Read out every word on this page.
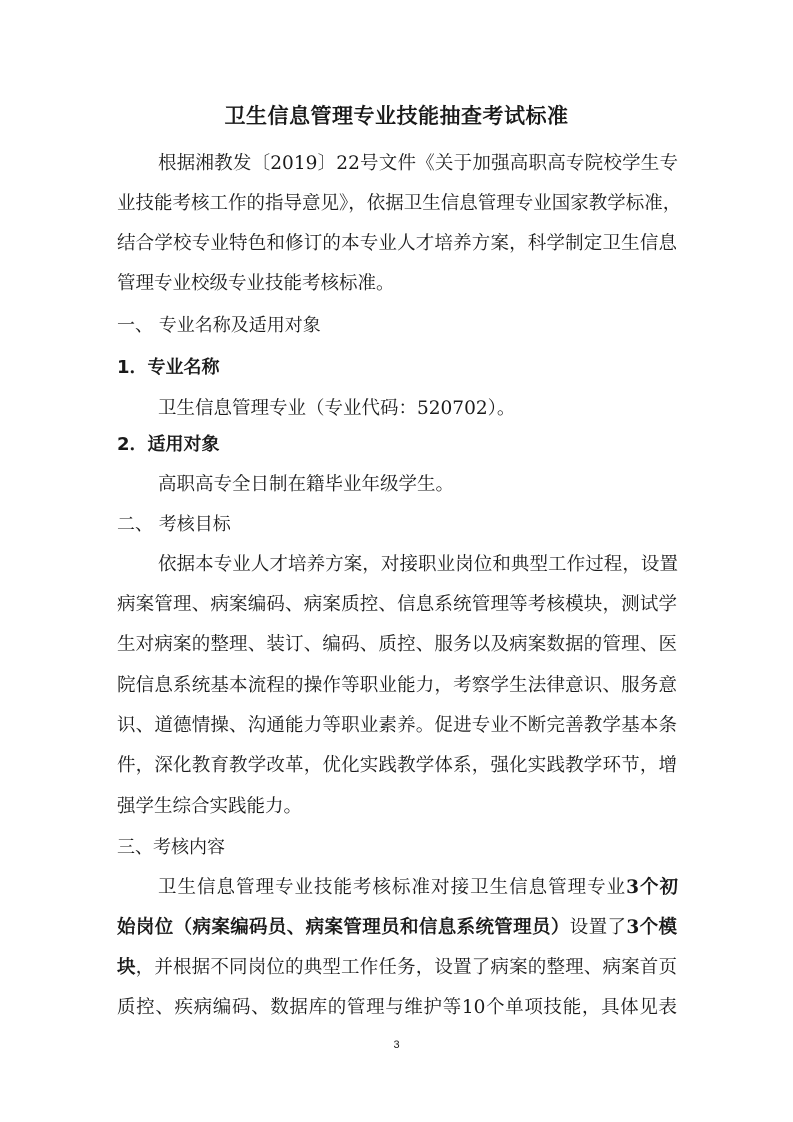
卫生信息管理专业技能抽查考试标准
根据湘教发〔2019〕22号文件《关于加强高职高专院校学生专
业技能考核工作的指导意见》，依据卫生信息管理专业国家教学标准，
结合学校专业特色和修订的本专业人才培养方案，科学制定卫生信息
管理专业校级专业技能考核标准。
一、 专业名称及适用对象
1．专业名称
卫生信息管理专业（专业代码：520702）。
2．适用对象
高职高专全日制在籍毕业年级学生。
二、 考核目标
依据本专业人才培养方案，对接职业岗位和典型工作过程，设置
病案管理、病案编码、病案质控、信息系统管理等考核模块，测试学
生对病案的整理、装订、编码、质控、服务以及病案数据的管理、医
院信息系统基本流程的操作等职业能力，考察学生法律意识、服务意
识、道德情操、沟通能力等职业素养。促进专业不断完善教学基本条
件，深化教育教学改革，优化实践教学体系，强化实践教学环节，增
强学生综合实践能力。
三、考核内容
卫生信息管理专业技能考核标准对接卫生信息管理专业3个初
始岗位（病案编码员、病案管理员和信息系统管理员）设置了3个模
块，并根据不同岗位的典型工作任务，设置了病案的整理、病案首页
质控、疾病编码、数据库的管理与维护等10个单项技能，具体见表
3
